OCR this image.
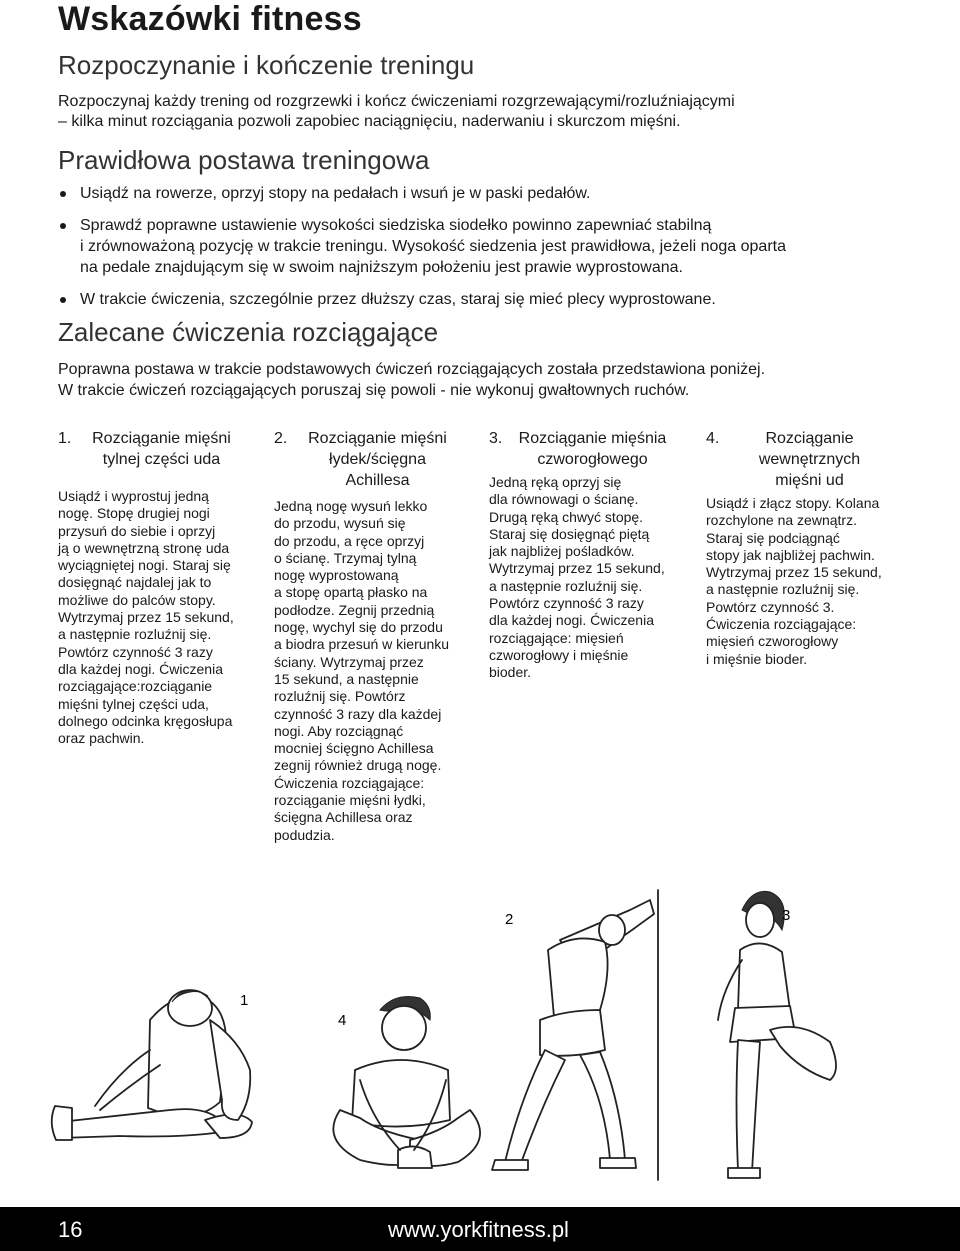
Wskazówki fitness
Rozpoczynanie i kończenie treningu
Rozpoczynaj każdy trening od rozgrzewki i kończ ćwiczeniami rozgrzewającymi/rozluźniającymi
– kilka minut rozciągania pozwoli zapobiec naciągnięciu, naderwaniu i skurczom mięśni.
Prawidłowa postawa treningowa
Usiądź na rowerze, oprzyj stopy na pedałach i wsuń je w paski pedałów.
Sprawdź poprawne ustawienie wysokości siedziska siodełko powinno zapewniać stabilną
i zrównoważoną pozycję w trakcie treningu. Wysokość siedzenia jest prawidłowa, jeżeli noga oparta
na pedale znajdującym się w swoim najniższym położeniu jest prawie wyprostowana.
W trakcie ćwiczenia, szczególnie przez dłuższy czas, staraj się mieć plecy wyprostowane.
Zalecane ćwiczenia rozciągające
Poprawna postawa w trakcie podstawowych ćwiczeń rozciągających została przedstawiona poniżej.
W trakcie ćwiczeń rozciągających poruszaj się powoli - nie wykonuj gwałtownych ruchów.
1.	Rozciąganie mięśni
tylnej części uda

Usiądź i wyprostuj jedną
nogę. Stopę drugiej nogi
przysuń do siebie i oprzyj
ją o wewnętrzną stronę uda
wyciągniętej nogi. Staraj się
dosięgnąć najdalej jak to
możliwe do palców stopy.
Wytrzymaj przez 15 sekund,
a następnie rozluźnij się.
Powtórz czynność 3 razy
dla każdej nogi. Ćwiczenia
rozciągające:rozciąganie
mięśni tylnej części uda,
dolnego odcinka kręgosłupa
oraz pachwin.

2.	Rozciąganie mięśni
łydek/ścięgna
Achillesa

Jedną nogę wysuń lekko
do przodu, wysuń się
do przodu, a ręce oprzyj
o ścianę. Trzymaj tylną
nogę wyprostowaną
a stopę opartą płasko na
podłodze. Zegnij przednią
nogę, wychyl się do przodu
a biodra przesuń w kierunku
ściany. Wytrzymaj przez
15 sekund, a następnie
rozluźnij się. Powtórz
czynność 3 razy dla każdej
nogi. Aby rozciągnąć
mocniej ścięgno Achillesa
zegnij również drugą nogę.
Ćwiczenia rozciągające:
rozciąganie mięśni łydki,
ścięgna Achillesa oraz
podudzia.

3.	Rozciąganie mięśnia
czworogłowego

Jedną ręką oprzyj się
dla równowagi o ścianę.
Drugą ręką chwyć stopę.
Staraj się dosięgnąć piętą
jak najbliżej pośladków.
Wytrzymaj przez 15 sekund,
a następnie rozluźnij się.
Powtórz czynność 3 razy
dla każdej nogi. Ćwiczenia
rozciągające: mięsień
czworogłowy i mięśnie
bioder.

4.	Rozciąganie
wewnętrznych
mięśni ud

Usiądź i złącz stopy. Kolana
rozchylone na zewnątrz.
Staraj się podciągnąć
stopy jak najbliżej pachwin.
Wytrzymaj przez 15 sekund,
a następnie rozluźnij się.
Powtórz czynność 3.
Ćwiczenia rozciągające:
mięsień czworogłowy
i mięśnie bioder.

1
2	3
4
16	www.yorkfitness.pl
